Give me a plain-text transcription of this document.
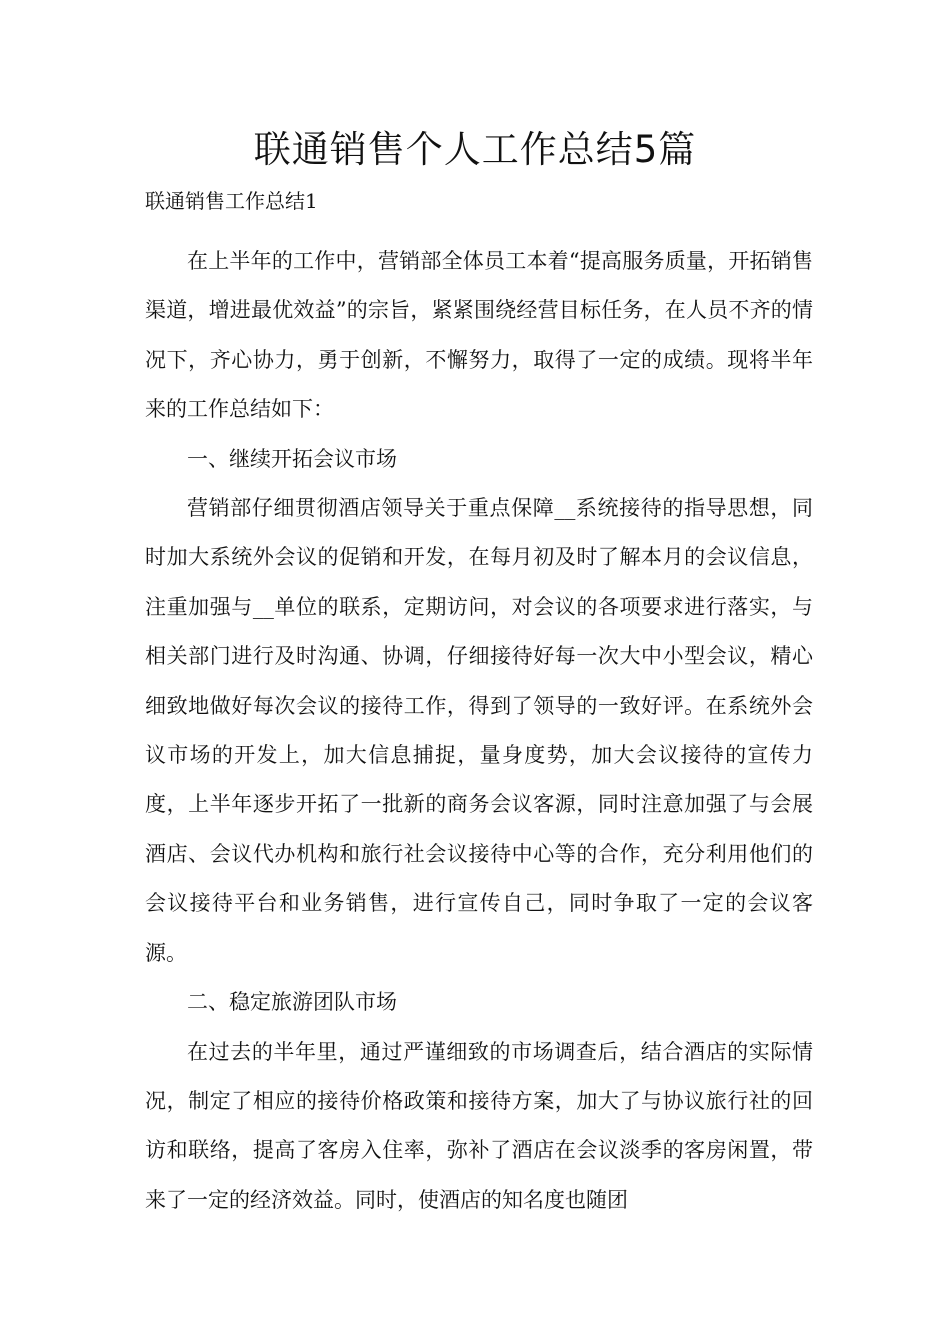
联通销售个人工作总结5篇
联通销售工作总结1

在上半年的工作中，营销部全体员工本着“提高服务质量，开拓销售渠道，增进最优效益”的宗旨，紧紧围绕经营目标任务，在人员不齐的情况下，齐心协力，勇于创新，不懈努力，取得了一定的成绩。现将半年来的工作总结如下：

一、继续开拓会议市场

营销部仔细贯彻酒店领导关于重点保障__系统接待的指导思想，同时加大系统外会议的促销和开发，在每月初及时了解本月的会议信息，注重加强与__单位的联系，定期访问，对会议的各项要求进行落实，与相关部门进行及时沟通、协调，仔细接待好每一次大中小型会议，精心细致地做好每次会议的接待工作，得到了领导的一致好评。在系统外会议市场的开发上，加大信息捕捉，量身度势，加大会议接待的宣传力度，上半年逐步开拓了一批新的商务会议客源，同时注意加强了与会展酒店、会议代办机构和旅行社会议接待中心等的合作，充分利用他们的会议接待平台和业务销售，进行宣传自己，同时争取了一定的会议客源。

二、稳定旅游团队市场

在过去的半年里，通过严谨细致的市场调查后，结合酒店的实际情况，制定了相应的接待价格政策和接待方案，加大了与协议旅行社的回访和联络，提高了客房入住率，弥补了酒店在会议淡季的客房闲置，带来了一定的经济效益。同时，使酒店的知名度也随团
